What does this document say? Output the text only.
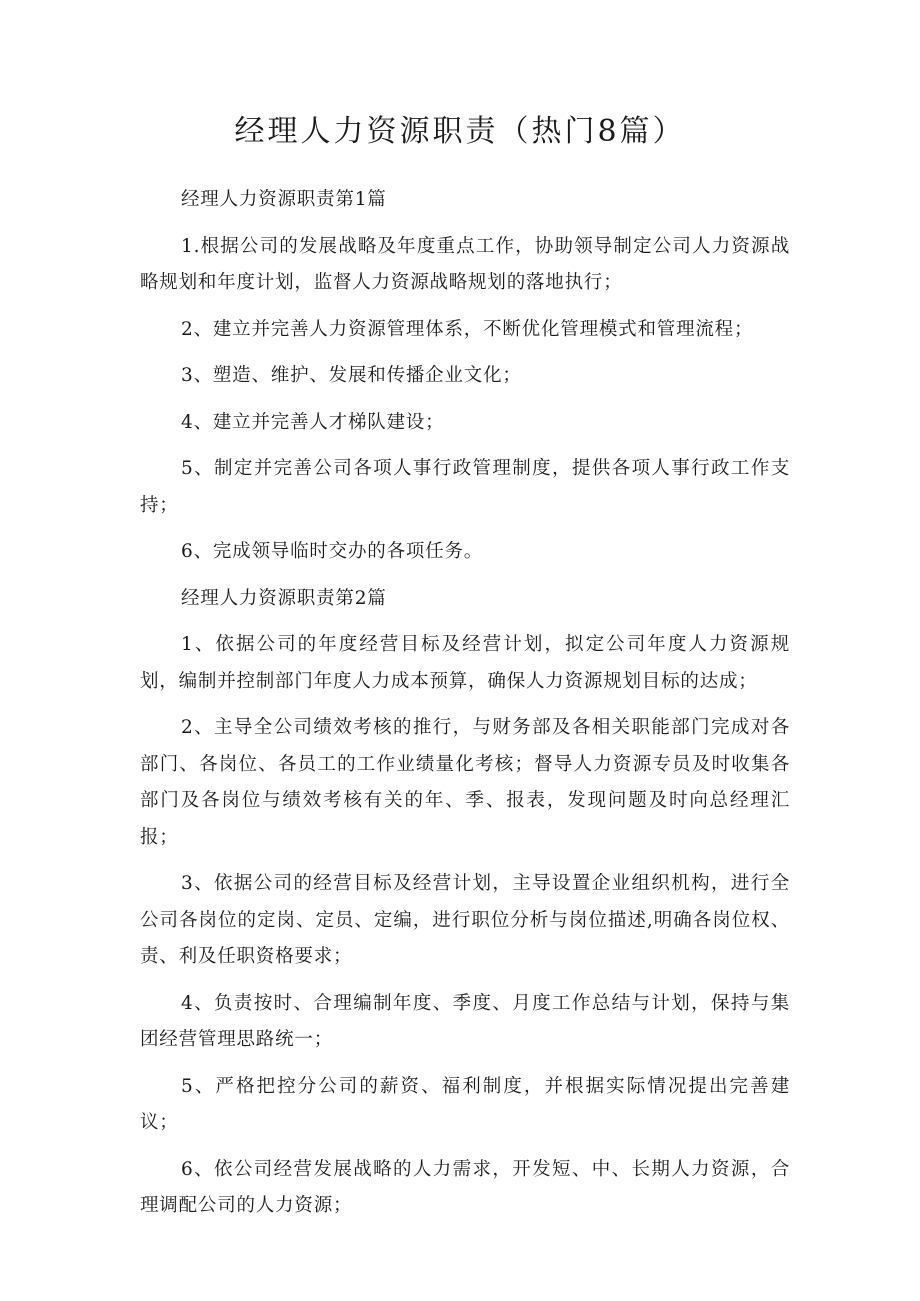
经理人力资源职责（热门8篇）

经理人力资源职责第1篇

1.根据公司的发展战略及年度重点工作，协助领导制定公司人力资源战略规划和年度计划，监督人力资源战略规划的落地执行；

2、建立并完善人力资源管理体系，不断优化管理模式和管理流程；

3、塑造、维护、发展和传播企业文化；

4、建立并完善人才梯队建设；

5、制定并完善公司各项人事行政管理制度，提供各项人事行政工作支持；

6、完成领导临时交办的各项任务。

经理人力资源职责第2篇

1、依据公司的年度经营目标及经营计划，拟定公司年度人力资源规划，编制并控制部门年度人力成本预算，确保人力资源规划目标的达成；

2、主导全公司绩效考核的推行，与财务部及各相关职能部门完成对各部门、各岗位、各员工的工作业绩量化考核；督导人力资源专员及时收集各部门及各岗位与绩效考核有关的年、季、报表，发现问题及时向总经理汇报；

3、依据公司的经营目标及经营计划，主导设置企业组织机构，进行全公司各岗位的定岗、定员、定编，进行职位分析与岗位描述,明确各岗位权、责、利及任职资格要求；

4、负责按时、合理编制年度、季度、月度工作总结与计划，保持与集团经营管理思路统一；

5、严格把控分公司的薪资、福利制度，并根据实际情况提出完善建议；

6、依公司经营发展战略的人力需求，开发短、中、长期人力资源，合理调配公司的人力资源；
